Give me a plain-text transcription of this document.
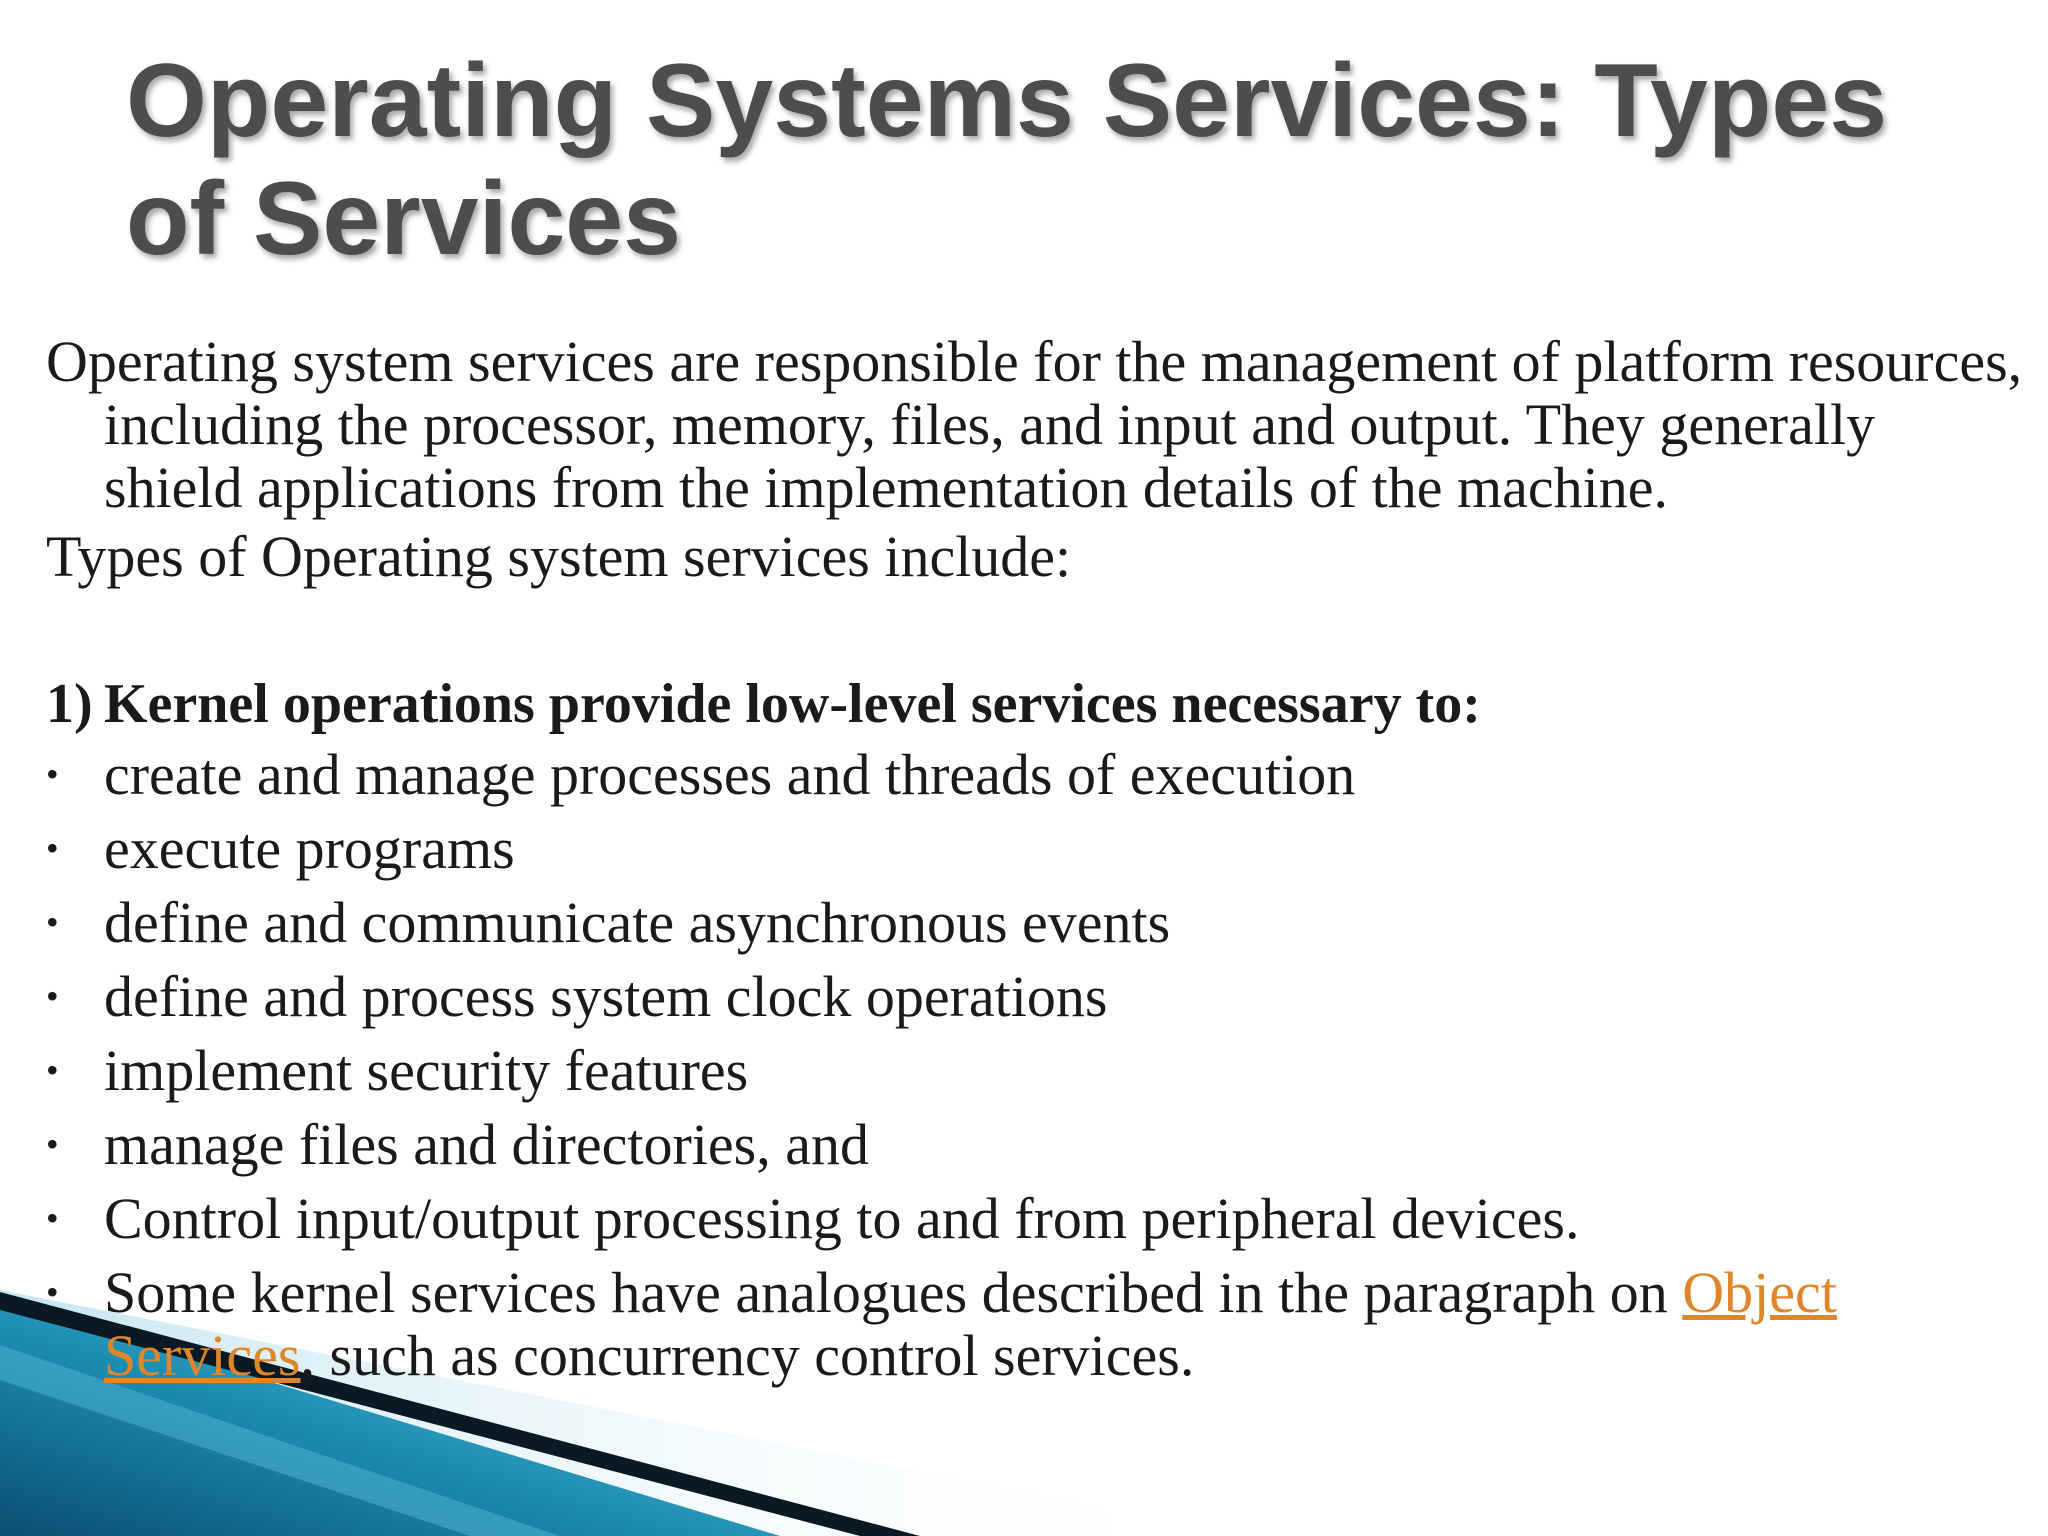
Operating Systems Services: Types of Services

Operating system services are responsible for the management of platform resources, including the processor, memory, files, and input and output. They generally shield applications from the implementation details of the machine.

Types of Operating system services include:

1) Kernel operations provide low-level services necessary to:
• create and manage processes and threads of execution
• execute programs
• define and communicate asynchronous events
• define and process system clock operations
• implement security features
• manage files and directories, and
• Control input/output processing to and from peripheral devices.
• Some kernel services have analogues described in the paragraph on Object Services, such as concurrency control services.
